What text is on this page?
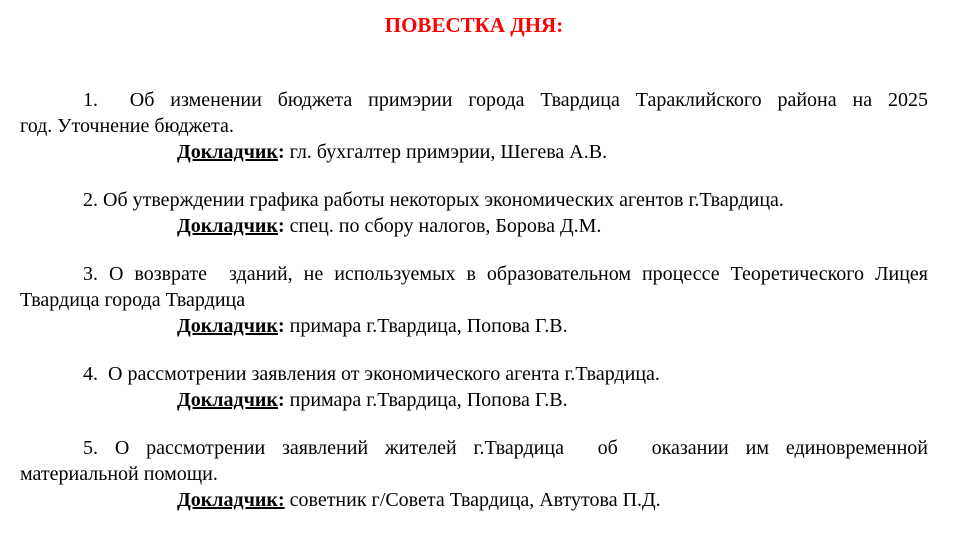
ПОВЕСТКА ДНЯ:
1.  Об изменении бюджета примэрии города Твардица Тараклийского района на 2025
год. Уточнение бюджета.
Докладчик: гл. бухгалтер примэрии, Шегева А.В.
2. Об утверждении графика работы некоторых экономических агентов г.Твардица.
Докладчик: спец. по сбору налогов, Борова Д.М.
3. О возврате  зданий, не используемых в образовательном процессе Теоретического Лицея
Твардица города Твардица
Докладчик: примара г.Твардица, Попова Г.В.
4.  О рассмотрении заявления от экономического агента г.Твардица.
Докладчик: примара г.Твардица, Попова Г.В.
5. О рассмотрении заявлений жителей г.Твардица  об  оказании им единовременной
материальной помощи.
Докладчик: советник г/Совета Твардица, Автутова П.Д.
